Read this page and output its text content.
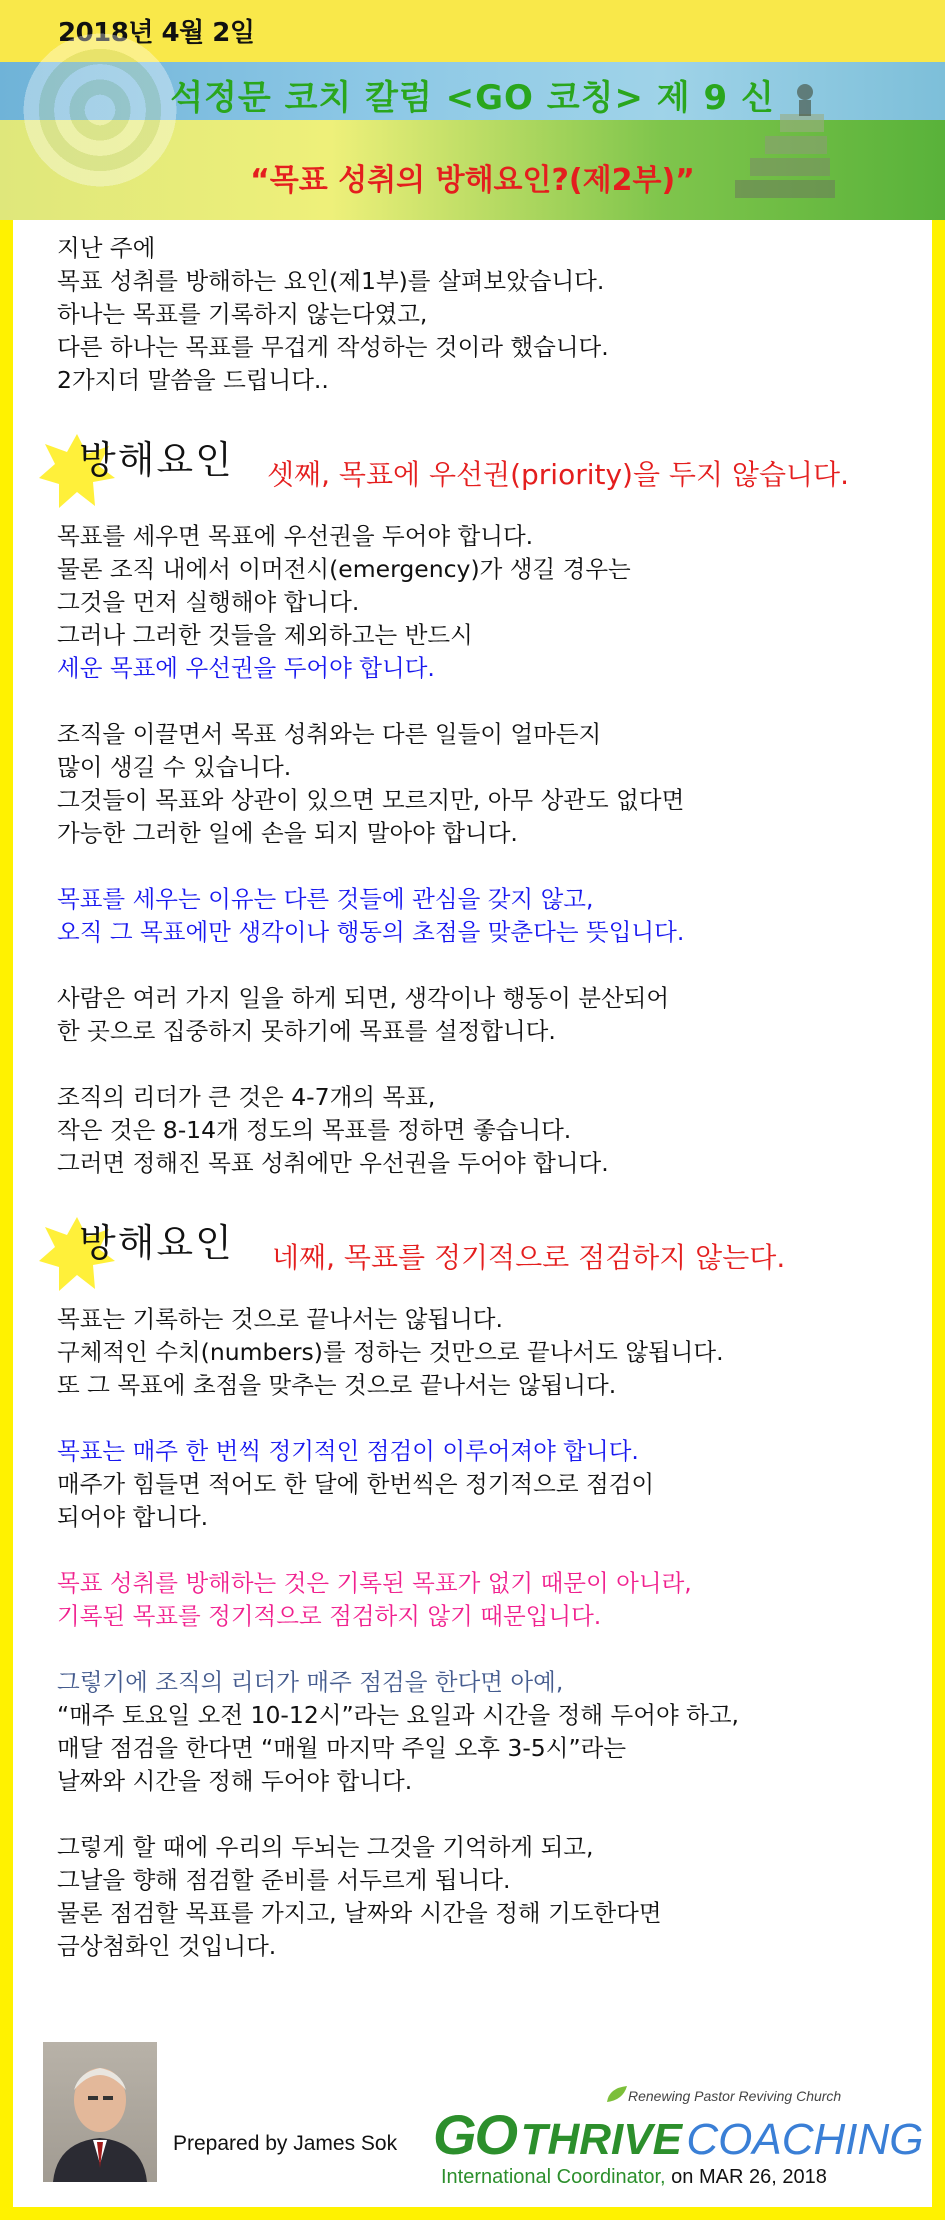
2018년 4월 2일
석정문 코치 칼럼 <GO 코칭> 제 9 신
“목표 성취의 방해요인?(제2부)”
지난 주에
목표 성취를 방해하는 요인(제1부)를 살펴보았습니다.
하나는 목표를 기록하지 않는다였고,
다른 하나는 목표를 무겁게 작성하는 것이라 했습니다.
2가지더 말씀을 드립니다..
방해요인 셋째, 목표에 우선권(priority)을 두지 않습니다.
목표를 세우면 목표에 우선권을 두어야 합니다.
물론 조직 내에서 이머전시(emergency)가 생길 경우는
그것을 먼저 실행해야 합니다.
그러나 그러한 것들을 제외하고는 반드시
세운 목표에 우선권을 두어야 합니다.
조직을 이끌면서 목표 성취와는 다른 일들이 얼마든지
많이 생길 수 있습니다.
그것들이 목표와 상관이 있으면 모르지만, 아무 상관도 없다면
가능한 그러한 일에 손을 되지 말아야 합니다.
목표를 세우는 이유는 다른 것들에 관심을 갖지 않고,
오직 그 목표에만 생각이나 행동의 초점을 맞춘다는 뜻입니다.
사람은 여러 가지 일을 하게 되면, 생각이나 행동이 분산되어
한 곳으로 집중하지 못하기에 목표를 설정합니다.
조직의 리더가 큰 것은 4-7개의 목표,
작은 것은 8-14개 정도의 목표를 정하면 좋습니다.
그러면 정해진 목표 성취에만 우선권을 두어야 합니다.
방해요인 네째, 목표를 정기적으로 점검하지 않는다.
목표는 기록하는 것으로 끝나서는 않됩니다.
구체적인 수치(numbers)를 정하는 것만으로 끝나서도 않됩니다.
또 그 목표에 초점을 맞추는 것으로 끝나서는 않됩니다.
목표는 매주 한 번씩 정기적인 점검이 이루어져야 합니다.
매주가 힘들면 적어도 한 달에 한번씩은 정기적으로 점검이
되어야 합니다.
목표 성취를 방해하는 것은 기록된 목표가 없기 때문이 아니라,
기록된 목표를 정기적으로 점검하지 않기 때문입니다.
그렇기에 조직의 리더가 매주 점검을 한다면 아예,
“매주 토요일 오전 10-12시”라는 요일과 시간을 정해 두어야 하고,
매달 점검을 한다면 “매월 마지막 주일 오후 3-5시”라는
날짜와 시간을 정해 두어야 합니다.
그렇게 할 때에 우리의 두뇌는 그것을 기억하게 되고,
그날을 향해 점검할 준비를 서두르게 됩니다.
물론 점검할 목표를 가지고, 날짜와 시간을 정해 기도한다면
금상첨화인 것입니다.
Prepared by James Sok
Renewing Pastor Reviving Church
GO THRIVE COACHING
International Coordinator, on MAR 26, 2018
